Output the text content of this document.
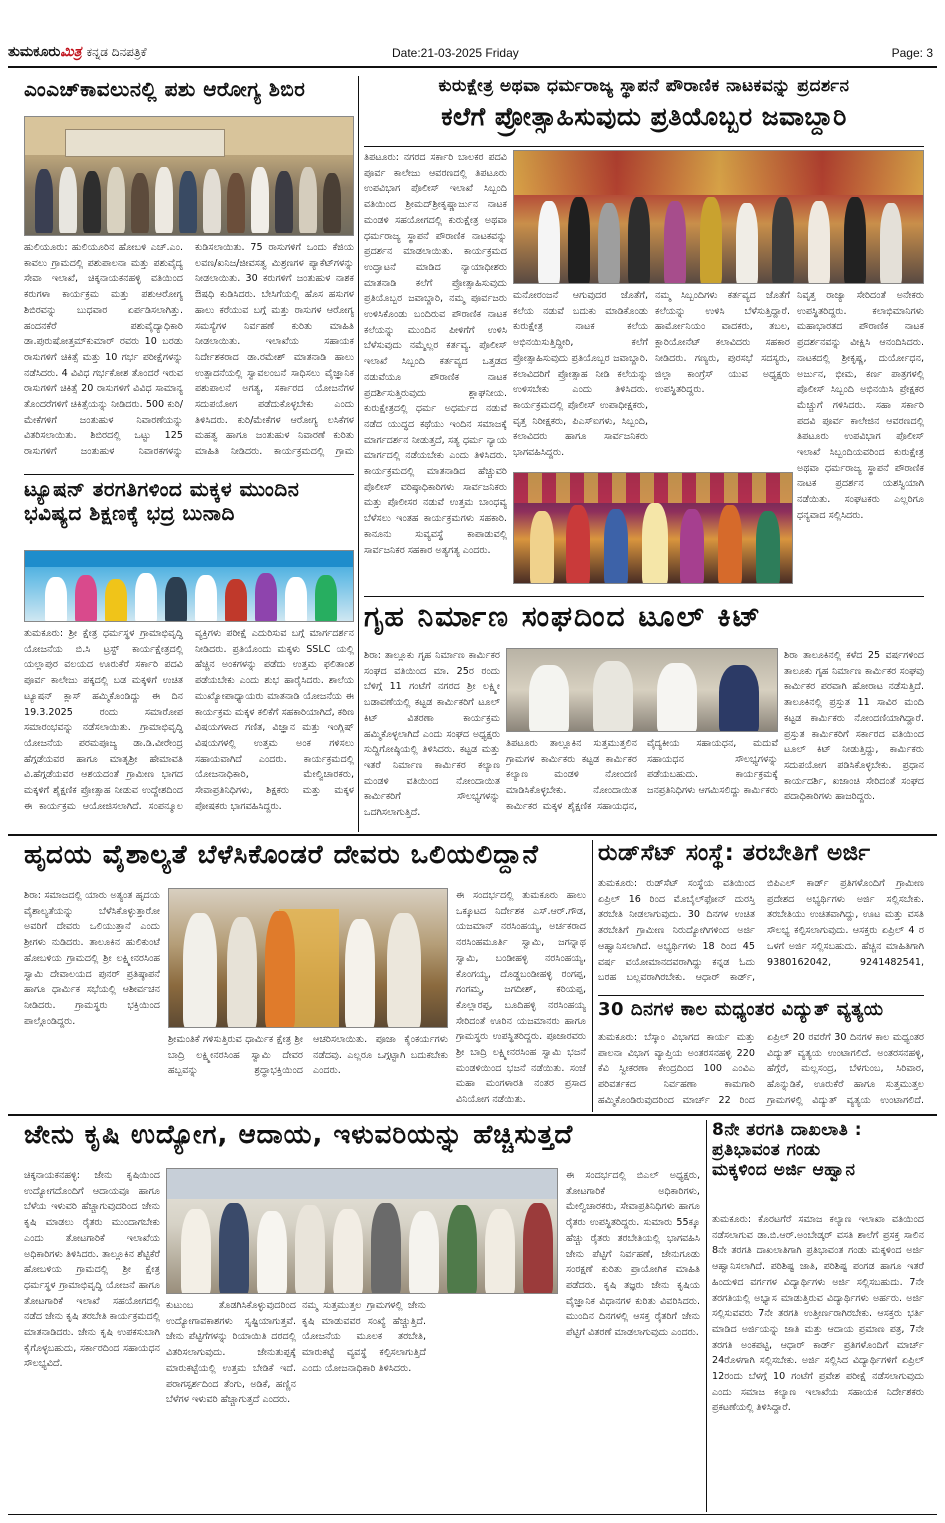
ತುಮಕೂರುಮಿತ್ರ ಕನ್ನಡ ದಿನಪತ್ರಿಕೆ	Date:21-03-2025 Friday	Page: 3
ಎಂಎಚ್‌ಕಾವಲುನಲ್ಲಿ ಪಶು ಆರೋಗ್ಯ ಶಿಬಿರ
ಹುಲಿಯೂರು: ಹುಲಿಯೂರಿನ ಹೋಬಳಿ ಎಚ್.ಎಂ. ಕಾವಲು ಗ್ರಾಮದಲ್ಲಿ ಪಶುಪಾಲನಾ ಮತ್ತು ಪಶುವೈದ್ಯ ಸೇವಾ ಇಲಾಖೆ, ಚಿಕ್ಕನಾಯಕನಹಳ್ಳಿ ವತಿಯಿಂದ ಕರುಗಳಾ ಕಾರ್ಯಕ್ರಮ ಮತ್ತು ಪಶುಆರೋಗ್ಯ ಶಿಬಿರವನ್ನು ಬುಧವಾರ ಏರ್ಪಡಿಸಲಾಗಿತ್ತು. ಹಂದನಕೆರೆ ಪಶುವೈದ್ಯಾಧಿಕಾರಿ ಡಾ.ಪುರುಷೋತ್ತಮ್‌ಕುಮಾರ್ ರವರು 10 ಬರಡು ರಾಸುಗಳಿಗೆ ಚಿಕಿತ್ಸೆ ಮತ್ತು 10 ಗರ್ಭ ಪರೀಕ್ಷೆಗಳನ್ನು ನಡೆಸಿದರು. 4 ವಿವಿಧ ಗರ್ಭಕೋಶ ತೊಂದರೆ ಇರುವ ರಾಸುಗಳಿಗೆ ಚಿಕಿತ್ಸೆ 20 ರಾಸುಗಳಿಗೆ ವಿವಿಧ ಸಾಮಾನ್ಯ ತೊಂದರೆಗಳಿಗೆ ಚಿಕಿತ್ಸೆಯನ್ನು ನೀಡಿದರು. 500 ಕುರಿ/ಮೇಕೆಗಳಿಗೆ ಜಂತುಹುಳ ನಿವಾರಣೆಯನ್ನು ವಿತರಿಸಲಾಯಿತು. ಶಿಬಿರದಲ್ಲಿ ಒಟ್ಟು 125 ರಾಸುಗಳಿಗೆ ಜಂತುಹುಳ ನಿವಾರಕಗಳನ್ನು ಕುಡಿಸಲಾಯಿತು. 75 ರಾಸುಗಳಿಗೆ ಒಂದು ಕೆಜಿಯ ಲವಣ/ಖನಿಜ/ಜೀವಸತ್ವ ಮಿಶ್ರಣಗಳ ಪ್ಯಾಕೆಟ್‌ಗಳನ್ನು ನೀಡಲಾಯಿತು. 30 ಕರುಗಳಿಗೆ ಜಂತುಹುಳ ನಾಶಕ ಔಷಧಿ ಕುಡಿಸಿದರು. ಬೇಸಿಗೆಯಲ್ಲಿ ಹೊಸ ಹಸುಗಳ ಹಾಲು ಕರೆಯುವ ಬಗ್ಗೆ ಮತ್ತು ರಾಸುಗಳ ಆರೋಗ್ಯ ಸಮಸ್ಯೆಗಳ ನಿರ್ವಹಣೆ ಕುರಿತು ಮಾಹಿತಿ ನೀಡಲಾಯಿತು. ಇಲಾಖೆಯ ಸಹಾಯಕ ನಿರ್ದೇಶಕರಾದ ಡಾ.ರಮೇಶ್ ಮಾತನಾಡಿ ಹಾಲು ಉತ್ಪಾದನೆಯಲ್ಲಿ ಸ್ವಾವಲಂಬನೆ ಸಾಧಿಸಲು ವೈಜ್ಞಾನಿಕ ಪಶುಪಾಲನೆ ಅಗತ್ಯ, ಸರ್ಕಾರದ ಯೋಜನೆಗಳ ಸದುಪಯೋಗ ಪಡೆದುಕೊಳ್ಳಬೇಕು ಎಂದು ತಿಳಿಸಿದರು. ಕುರಿ/ಮೇಕೆಗಳ ಆರೋಗ್ಯ ಲಸಿಕೆಗಳ ಮಹತ್ವ ಹಾಗೂ ಜಂತುಹುಳ ನಿವಾರಣೆ ಕುರಿತು ಮಾಹಿತಿ ನೀಡಿದರು. ಕಾರ್ಯಕ್ರಮದಲ್ಲಿ ಗ್ರಾಮ
ಟ್ಯೂಷನ್ ತರಗತಿಗಳಿಂದ ಮಕ್ಕಳ ಮುಂದಿನ ಭವಿಷ್ಯದ ಶಿಕ್ಷಣಕ್ಕೆ ಭದ್ರ ಬುನಾದಿ
ತುಮಕೂರು: ಶ್ರೀ ಕ್ಷೇತ್ರ ಧರ್ಮಸ್ಥಳ ಗ್ರಾಮಾಭಿವೃದ್ಧಿ ಯೋಜನೆಯ ಬಿ.ಸಿ ಟ್ರಸ್ಟ್ ಕಾರ್ಯಕ್ಷೇತ್ರದಲ್ಲಿ ಯಲ್ಲಾಪುರ ವಲಯದ ಊರುಕೆರೆ ಸರ್ಕಾರಿ ಪದವಿ ಪೂರ್ವ ಕಾಲೇಜು ಪಕ್ಕದಲ್ಲಿ ಬಡ ಮಕ್ಕಳಿಗೆ ಉಚಿತ ಟ್ಯೂಷನ್ ಕ್ಲಾಸ್ ಹಮ್ಮಿಕೊಂಡಿದ್ದು ಈ ದಿನ 19.3.2025 ರಂದು ಸಮಾರೋಪ ಸಮಾರಂಭವನ್ನು ನಡೆಸಲಾಯಿತು. ಗ್ರಾಮಾಭಿವೃದ್ಧಿ ಯೋಜನೆಯ ಪರಮಪೂಜ್ಯ ಡಾ.ಡಿ.ವೀರೇಂದ್ರ ಹೆಗ್ಗಡೆಯವರ ಹಾಗೂ ಮಾತೃಶ್ರೀ ಹೇಮಾವತಿ ವಿ.ಹೆಗ್ಗಡೆಯವರ ಆಶಯದಂತೆ ಗ್ರಾಮೀಣ ಭಾಗದ ಮಕ್ಕಳಿಗೆ ಶೈಕ್ಷಣಿಕ ಪ್ರೋತ್ಸಾಹ ನೀಡುವ ಉದ್ದೇಶದಿಂದ ಈ ಕಾರ್ಯಕ್ರಮ ಆಯೋಜಿಸಲಾಗಿದೆ. ಸಂಪನ್ಮೂಲ ವ್ಯಕ್ತಿಗಳು ಪರೀಕ್ಷೆ ಎದುರಿಸುವ ಬಗ್ಗೆ ಮಾರ್ಗದರ್ಶನ ನೀಡಿದರು. ಪ್ರತಿಯೊಂದು ಮಕ್ಕಳು SSLC ಯಲ್ಲಿ ಹೆಚ್ಚಿನ ಅಂಕಗಳನ್ನು ಪಡೆದು ಉತ್ತಮ ಫಲಿತಾಂಶ ಪಡೆಯಬೇಕು ಎಂದು ಶುಭ ಹಾರೈಸಿದರು. ಶಾಲೆಯ ಮುಖ್ಯೋಪಾಧ್ಯಾಯರು ಮಾತನಾಡಿ ಯೋಜನೆಯ ಈ ಕಾರ್ಯಕ್ರಮ ಮಕ್ಕಳ ಕಲಿಕೆಗೆ ಸಹಕಾರಿಯಾಗಿದೆ, ಕಠಿಣ ವಿಷಯಗಳಾದ ಗಣಿತ, ವಿಜ್ಞಾನ ಮತ್ತು ಇಂಗ್ಲಿಷ್ ವಿಷಯಗಳಲ್ಲಿ ಉತ್ತಮ ಅಂಕ ಗಳಿಸಲು ಸಹಾಯವಾಗಿದೆ ಎಂದರು. ಕಾರ್ಯಕ್ರಮದಲ್ಲಿ ಯೋಜನಾಧಿಕಾರಿ, ಮೇಲ್ವಿಚಾರಕರು, ಸೇವಾಪ್ರತಿನಿಧಿಗಳು, ಶಿಕ್ಷಕರು ಮತ್ತು ಮಕ್ಕಳ ಪೋಷಕರು ಭಾಗವಹಿಸಿದ್ದರು.
ಕುರುಕ್ಷೇತ್ರ ಅಥವಾ ಧರ್ಮರಾಜ್ಯ ಸ್ಥಾಪನೆ ಪೌರಾಣಿಕ ನಾಟಕವನ್ನು ಪ್ರದರ್ಶನ
ಕಲೆಗೆ ಪ್ರೋತ್ಸಾಹಿಸುವುದು ಪ್ರತಿಯೊಬ್ಬರ ಜವಾಬ್ದಾರಿ
ತಿಪಟೂರು: ನಗರದ ಸರ್ಕಾರಿ ಬಾಲಕರ ಪದವಿ ಪೂರ್ವ ಕಾಲೇಜು ಆವರಣದಲ್ಲಿ ತಿಪಟೂರು ಉಪವಿಭಾಗ ಪೊಲೀಸ್ ಇಲಾಖೆ ಸಿಬ್ಬಂದಿ ವತಿಯಿಂದ ಶ್ರೀಮದ್‌ಶ್ರೀಕೃಷ್ಣಾರ್ಜುನ ನಾಟಕ ಮಂಡಳಿ ಸಹಯೋಗದಲ್ಲಿ ಕುರುಕ್ಷೇತ್ರ ಅಥವಾ ಧರ್ಮರಾಜ್ಯ ಸ್ಥಾಪನೆ ಪೌರಾಣಿಕ ನಾಟಕವನ್ನು ಪ್ರದರ್ಶನ ಮಾಡಲಾಯಿತು. ಕಾರ್ಯಕ್ರಮದ ಉದ್ಘಾಟನೆ ಮಾಡಿದ ನ್ಯಾಯಾಧೀಶರು ಮಾತನಾಡಿ ಕಲೆಗೆ ಪ್ರೋತ್ಸಾಹಿಸುವುದು ಪ್ರತಿಯೊಬ್ಬರ ಜವಾಬ್ದಾರಿ, ನಮ್ಮ ಪೂರ್ವಜರು ಉಳಿಸಿಕೊಂಡು ಬಂದಿರುವ ಪೌರಾಣಿಕ ನಾಟಕ ಕಲೆಯನ್ನು ಮುಂದಿನ ಪೀಳಿಗೆಗೆ ಉಳಿಸಿ ಬೆಳೆಸುವುದು ನಮ್ಮೆಲ್ಲರ ಕರ್ತವ್ಯ. ಪೊಲೀಸ್ ಇಲಾಖೆ ಸಿಬ್ಬಂದಿ ಕರ್ತವ್ಯದ ಒತ್ತಡದ ನಡುವೆಯೂ ಪೌರಾಣಿಕ ನಾಟಕ ಪ್ರದರ್ಶಿಸುತ್ತಿರುವುದು ಶ್ಲಾಘನೀಯ. ಕುರುಕ್ಷೇತ್ರದಲ್ಲಿ ಧರ್ಮ ಅಧರ್ಮದ ನಡುವೆ ನಡೆದ ಯುದ್ಧದ ಕಥೆಯು ಇಂದಿನ ಸಮಾಜಕ್ಕೆ ಮಾರ್ಗದರ್ಶನ ನೀಡುತ್ತದೆ, ಸತ್ಯ ಧರ್ಮ ನ್ಯಾಯ ಮಾರ್ಗದಲ್ಲಿ ನಡೆಯಬೇಕು ಎಂದು ತಿಳಿಸಿದರು. ಕಾರ್ಯಕ್ರಮದಲ್ಲಿ ಮಾತನಾಡಿದ ಹೆಚ್ಚುವರಿ ಪೊಲೀಸ್ ವರಿಷ್ಠಾಧಿಕಾರಿಗಳು ಸಾರ್ವಜನಿಕರು ಮತ್ತು ಪೊಲೀಸರ ನಡುವೆ ಉತ್ತಮ ಬಾಂಧವ್ಯ ಬೆಳೆಸಲು ಇಂತಹ ಕಾರ್ಯಕ್ರಮಗಳು ಸಹಕಾರಿ. ಕಾನೂನು ಸುವ್ಯವಸ್ಥೆ ಕಾಪಾಡುವಲ್ಲಿ ಸಾರ್ವಜನಿಕರ ಸಹಕಾರ ಅತ್ಯಗತ್ಯ ಎಂದರು.
ಮನೋರಂಜನೆ ಆಗುವುದರ ಜೊತೆಗೆ, ಕಲೆಯ ನಡುವೆ ಬದುಕು ಮಾಡಿಕೊಂಡು ಕುರುಕ್ಷೇತ್ರ ನಾಟಕ ಕಲೆಯ ಅಭಿನಯಿಸುತ್ತಿದ್ದೀರಿ, ಕಲೆಗೆ ಪ್ರೋತ್ಸಾಹಿಸುವುದು ಪ್ರತಿಯೊಬ್ಬರ ಜವಾಬ್ದಾರಿ. ಕಲಾವಿದರಿಗೆ ಪ್ರೋತ್ಸಾಹ ನೀಡಿ ಕಲೆಯನ್ನು ಉಳಿಸಬೇಕು ಎಂದು ತಿಳಿಸಿದರು. ಕಾರ್ಯಕ್ರಮದಲ್ಲಿ ಪೊಲೀಸ್ ಉಪಾಧೀಕ್ಷಕರು, ವೃತ್ತ ನಿರೀಕ್ಷಕರು, ಪಿಎಸ್‌ಐಗಳು, ಸಿಬ್ಬಂದಿ, ಕಲಾವಿದರು ಹಾಗೂ ಸಾರ್ವಜನಿಕರು ಭಾಗವಹಿಸಿದ್ದರು.
ನಮ್ಮ ಸಿಬ್ಬಂದಿಗಳು ಕರ್ತವ್ಯದ ಜೊತೆಗೆ ಕಲೆಯನ್ನು ಉಳಿಸಿ ಬೆಳೆಸುತ್ತಿದ್ದಾರೆ. ಹಾರ್ಮೋನಿಯಂ ವಾದಕರು, ತಬಲ, ಕ್ಲಾರಿಯೋನೆಟ್ ಕಲಾವಿದರು ಸಹಕಾರ ನೀಡಿದರು. ಗಣ್ಯರು, ಪುರಸಭೆ ಸದಸ್ಯರು, ಜಿಲ್ಲಾ ಕಾಂಗ್ರೆಸ್ ಯುವ ಅಧ್ಯಕ್ಷರು ಉಪಸ್ಥಿತರಿದ್ದರು.
ನಿವೃತ್ತ ರಾಜ್ಯಾ ಸೇರಿದಂತೆ ಅನೇಕರು ಉಪಸ್ಥಿತರಿದ್ದರು. ಕಲಾಭಿಮಾನಿಗಳು ಮಹಾಭಾರತದ ಪೌರಾಣಿಕ ನಾಟಕ ಪ್ರದರ್ಶನವನ್ನು ವೀಕ್ಷಿಸಿ ಆನಂದಿಸಿದರು. ನಾಟಕದಲ್ಲಿ ಶ್ರೀಕೃಷ್ಣ, ದುರ್ಯೋಧನ, ಅರ್ಜುನ, ಭೀಮ, ಕರ್ಣ ಪಾತ್ರಗಳಲ್ಲಿ ಪೊಲೀಸ್ ಸಿಬ್ಬಂದಿ ಅಭಿನಯಿಸಿ ಪ್ರೇಕ್ಷಕರ ಮೆಚ್ಚುಗೆ ಗಳಿಸಿದರು. ಸಹಾ ಸರ್ಕಾರಿ ಪದವಿ ಪೂರ್ವ ಕಾಲೇಜಿನ ಆವರಣದಲ್ಲಿ ತಿಪಟೂರು ಉಪವಿಭಾಗ ಪೊಲೀಸ್ ಇಲಾಖೆ ಸಿಬ್ಬಂದಿಯವರಿಂದ ಕುರುಕ್ಷೇತ್ರ ಅಥವಾ ಧರ್ಮರಾಜ್ಯ ಸ್ಥಾಪನೆ ಪೌರಾಣಿಕ ನಾಟಕ ಪ್ರದರ್ಶನ ಯಶಸ್ವಿಯಾಗಿ ನಡೆಯಿತು. ಸಂಘಟಕರು ಎಲ್ಲರಿಗೂ ಧನ್ಯವಾದ ಸಲ್ಲಿಸಿದರು.
ಗೃಹ ನಿರ್ಮಾಣ ಸಂಘದಿಂದ ಟೂಲ್ ಕಿಟ್
ಶಿರಾ: ತಾಲ್ಲೂಕು ಗೃಹ ನಿರ್ಮಾಣ ಕಾರ್ಮಿಕರ ಸಂಘದ ವತಿಯಿಂದ ಮಾ. 25ರ ರಂದು ಬೆಳಿಗ್ಗೆ 11 ಗಂಟೆಗೆ ನಗರದ ಶ್ರೀ ಲಕ್ಷ್ಮೀ ಬಡಾವಣೆಯಲ್ಲಿ ಕಟ್ಟಡ ಕಾರ್ಮಿಕರಿಗೆ ಟೂಲ್ ಕಿಟ್ ವಿತರಣಾ ಕಾರ್ಯಕ್ರಮ ಹಮ್ಮಿಕೊಳ್ಳಲಾಗಿದೆ ಎಂದು ಸಂಘದ ಅಧ್ಯಕ್ಷರು ಸುದ್ದಿಗೋಷ್ಠಿಯಲ್ಲಿ ತಿಳಿಸಿದರು. ಕಟ್ಟಡ ಮತ್ತು ಇತರೆ ನಿರ್ಮಾಣ ಕಾರ್ಮಿಕರ ಕಲ್ಯಾಣ ಮಂಡಳಿ ವತಿಯಿಂದ ನೋಂದಾಯಿತ ಕಾರ್ಮಿಕರಿಗೆ ಸೌಲಭ್ಯಗಳನ್ನು ಒದಗಿಸಲಾಗುತ್ತಿದೆ.
ತಿಪಟೂರು ತಾಲ್ಲೂಕಿನ ಸುತ್ತಮುತ್ತಲಿನ ಗ್ರಾಮಗಳ ಕಾರ್ಮಿಕರು ಕಟ್ಟಡ ಕಾರ್ಮಿಕರ ಕಲ್ಯಾಣ ಮಂಡಳಿ ನೋಂದಣಿ ಮಾಡಿಸಿಕೊಳ್ಳಬೇಕು. ನೋಂದಾಯಿತ ಕಾರ್ಮಿಕರ ಮಕ್ಕಳ ಶೈಕ್ಷಣಿಕ ಸಹಾಯಧನ, ವೈದ್ಯಕೀಯ ಸಹಾಯಧನ, ಮದುವೆ ಸಹಾಯಧನ ಸೌಲಭ್ಯಗಳನ್ನು ಪಡೆಯಬಹುದು. ಕಾರ್ಯಕ್ರಮಕ್ಕೆ ಜನಪ್ರತಿನಿಧಿಗಳು ಆಗಮಿಸಲಿದ್ದು ಕಾರ್ಮಿಕರು
ಶಿರಾ ತಾಲೂಕಿನಲ್ಲಿ ಕಳೆದ 25 ವರ್ಷಗಳಿಂದ ತಾಲೂಕು ಗೃಹ ನಿರ್ಮಾಣ ಕಾರ್ಮಿಕರ ಸಂಘವು ಕಾರ್ಮಿಕರ ಪರವಾಗಿ ಹೋರಾಟ ನಡೆಸುತ್ತಿದೆ. ತಾಲೂಕಿನಲ್ಲಿ ಪ್ರಸ್ತುತ 11 ಸಾವಿರ ಮಂದಿ ಕಟ್ಟಡ ಕಾರ್ಮಿಕರು ನೋಂದಣಿಯಾಗಿದ್ದಾರೆ. ಪ್ರಸ್ತುತ ಕಾರ್ಮಿಕರಿಗೆ ಸರ್ಕಾರದ ವತಿಯಿಂದ ಟೂಲ್ ಕಿಟ್ ನೀಡುತ್ತಿದ್ದು, ಕಾರ್ಮಿಕರು ಸದುಪಯೋಗ ಪಡಿಸಿಕೊಳ್ಳಬೇಕು. ಪ್ರಧಾನ ಕಾರ್ಯದರ್ಶಿ, ಖಜಾಂಚಿ ಸೇರಿದಂತೆ ಸಂಘದ ಪದಾಧಿಕಾರಿಗಳು ಹಾಜರಿದ್ದರು.
ಹೃದಯ ವೈಶಾಲ್ಯತೆ ಬೆಳೆಸಿಕೊಂಡರೆ ದೇವರು ಒಲಿಯಲಿದ್ದಾನೆ
ಶಿರಾ: ಸಮಾಜದಲ್ಲಿ ಯಾರು ಅತ್ಯಂತ ಹೃದಯ ವೈಶಾಲ್ಯತೆಯನ್ನು ಬೆಳೆಸಿಕೊಳ್ಳುತ್ತಾರೋ ಅವರಿಗೆ ದೇವರು ಒಲಿಯುತ್ತಾನೆ ಎಂದು ಶ್ರೀಗಳು ನುಡಿದರು. ತಾಲೂಕಿನ ಹುಲಿಕುಂಟೆ ಹೋಬಳಿಯ ಗ್ರಾಮದಲ್ಲಿ ಶ್ರೀ ಲಕ್ಷ್ಮೀನರಸಿಂಹ ಸ್ವಾಮಿ ದೇವಾಲಯದ ಪುನರ್ ಪ್ರತಿಷ್ಠಾಪನೆ ಹಾಗೂ ಧಾರ್ಮಿಕ ಸಭೆಯಲ್ಲಿ ಆಶೀರ್ವಚನ ನೀಡಿದರು. ಗ್ರಾಮಸ್ಥರು ಭಕ್ತಿಯಿಂದ ಪಾಲ್ಗೊಂಡಿದ್ದರು.
ಶ್ರೀಮಂತಿಕೆ ಗಳಿಸುತ್ತಿರುವ ಧಾರ್ಮಿಕ ಕ್ಷೇತ್ರ ಶ್ರೀ ಬಾದ್ರಿ ಲಕ್ಷ್ಮೀನರಸಿಂಹ ಸ್ವಾಮಿ ದೇವರ ಹಬ್ಬವನ್ನು ಶ್ರದ್ಧಾಭಕ್ತಿಯಿಂದ ಆಚರಿಸಲಾಯಿತು. ಪೂಜಾ ಕೈಂಕರ್ಯಗಳು ನಡೆದವು. ಎಲ್ಲರೂ ಒಗ್ಗಟ್ಟಾಗಿ ಬದುಕಬೇಕು ಎಂದರು.
ಈ ಸಂದರ್ಭದಲ್ಲಿ ತುಮಕೂರು ಹಾಲು ಒಕ್ಕೂಟದ ನಿರ್ದೇಶಕ ಎಸ್.ಆರ್.ಗೌಡ, ಯಜಮಾನ್ ನರಸಿಂಹಯ್ಯ, ಅರ್ಚಕರಾದ ನರಸಿಂಹಮೂರ್ತಿ ಸ್ವಾಮಿ, ಜಗನ್ನಾಥ ಸ್ವಾಮಿ, ಬಂಡೀಹಳ್ಳಿ ನರಸಿಂಹಯ್ಯ, ಕೊಂಗಯ್ಯ, ದೊಡ್ಡಬಂಡೀಹಳ್ಳಿ ರಂಗಪ್ಪ, ಗಂಗಮ್ಮ, ಜಗದೀಶ್, ಕರಿಯಪ್ಪ, ಕೊಲ್ಲಾರಪ್ಪ, ಬೂದಿಹಳ್ಳಿ ನರಸಿಂಹಯ್ಯ ಸೇರಿದಂತೆ ಊರಿನ ಯಜಮಾನರು ಹಾಗೂ ಗ್ರಾಮಸ್ಥರು ಉಪಸ್ಥಿತರಿದ್ದರು. ಪೂಜಾರವರು ಶ್ರೀ ಬಾದ್ರಿ ಲಕ್ಷ್ಮೀನರಸಿಂಹ ಸ್ವಾಮಿ ಭಜನೆ ಮಂಡಳಿಯಿಂದ ಭಜನೆ ನಡೆಯಿತು. ಸಂಜೆ ಮಹಾ ಮಂಗಳಾರತಿ ನಂತರ ಪ್ರಸಾದ ವಿನಿಯೋಗ ನಡೆಯಿತು.
ರುಡ್‌ಸೆಟ್ ಸಂಸ್ಥೆ: ತರಬೇತಿಗೆ ಅರ್ಜಿ
ತುಮಕೂರು: ರುಡ್‌ಸೆಟ್ ಸಂಸ್ಥೆಯ ವತಿಯಿಂದ ಏಪ್ರಿಲ್ 16 ರಿಂದ ಮೊಬೈಲ್‌ಫೋನ್ ದುರಸ್ತಿ ತರಬೇತಿ ನೀಡಲಾಗುವುದು. 30 ದಿನಗಳ ಉಚಿತ ತರಬೇತಿಗೆ ಗ್ರಾಮೀಣ ನಿರುದ್ಯೋಗಿಗಳಿಂದ ಅರ್ಜಿ ಆಹ್ವಾನಿಸಲಾಗಿದೆ. ಅಭ್ಯರ್ಥಿಗಳು 18 ರಿಂದ 45 ವರ್ಷ ವಯೋಮಾನದವರಾಗಿದ್ದು ಕನ್ನಡ ಓದು ಬರಹ ಬಲ್ಲವರಾಗಿರಬೇಕು. ಆಧಾರ್ ಕಾರ್ಡ್, ಬಿಪಿಎಲ್ ಕಾರ್ಡ್ ಪ್ರತಿಗಳೊಂದಿಗೆ ಗ್ರಾಮೀಣ ಪ್ರದೇಶದ ಅಭ್ಯರ್ಥಿಗಳು ಅರ್ಜಿ ಸಲ್ಲಿಸಬೇಕು. ತರಬೇತಿಯು ಉಚಿತವಾಗಿದ್ದು, ಊಟ ಮತ್ತು ವಸತಿ ಸೌಲಭ್ಯ ಕಲ್ಪಿಸಲಾಗುವುದು. ಆಸಕ್ತರು ಏಪ್ರಿಲ್ 4 ರ ಒಳಗೆ ಅರ್ಜಿ ಸಲ್ಲಿಸಬಹುದು. ಹೆಚ್ಚಿನ ಮಾಹಿತಿಗಾಗಿ 9380162042, 9241482541,
30 ದಿನಗಳ ಕಾಲ ಮಧ್ಯಂತರ ವಿದ್ಯುತ್ ವ್ಯತ್ಯಯ
ತುಮಕೂರು: ಬೆಸ್ಕಾಂ ವಿಭಾಗದ ಕಾರ್ಯ ಮತ್ತು ಪಾಲನಾ ವಿಭಾಗ ವ್ಯಾಪ್ತಿಯ ಅಂತರಸನಹಳ್ಳಿ 220 ಕೆವಿ ಸ್ವೀಕರಣಾ ಕೇಂದ್ರದಿಂದ 100 ಎಂವಿಎ ಪರಿವರ್ತಕದ ನಿರ್ವಹಣಾ ಕಾಮಗಾರಿ ಹಮ್ಮಿಕೊಂಡಿರುವುದರಿಂದ ಮಾರ್ಚ್ 22 ರಿಂದ ಏಪ್ರಿಲ್ 20 ರವರೆಗೆ 30 ದಿನಗಳ ಕಾಲ ಮಧ್ಯಂತರ ವಿದ್ಯುತ್ ವ್ಯತ್ಯಯ ಉಂಟಾಗಲಿದೆ. ಅಂತರಸನಹಳ್ಳಿ, ಹೆಗ್ಗೆರೆ, ಮಲ್ಲಸಂದ್ರ, ಬೆಳಗುಂಬ, ಸಿರಿವಾರ, ಹೊನ್ನುಡಿಕೆ, ಊರುಕೆರೆ ಹಾಗೂ ಸುತ್ತಮುತ್ತಲ ಗ್ರಾಮಗಳಲ್ಲಿ ವಿದ್ಯುತ್ ವ್ಯತ್ಯಯ ಉಂಟಾಗಲಿದೆ.
ಜೇನು ಕೃಷಿ ಉದ್ಯೋಗ, ಆದಾಯ, ಇಳುವರಿಯನ್ನು ಹೆಚ್ಚಿಸುತ್ತದೆ
ಚಿಕ್ಕನಾಯಕನಹಳ್ಳಿ: ಜೇನು ಕೃಷಿಯಿಂದ ಉದ್ಯೋಗದೊಂದಿಗೆ ಆದಾಯವೂ ಹಾಗೂ ಬೆಳೆಯ ಇಳುವರಿ ಹೆಚ್ಚಾಗುವುದರಿಂದ ಜೇನು ಕೃಷಿ ಮಾಡಲು ರೈತರು ಮುಂದಾಗಬೇಕು ಎಂದು ತೋಟಗಾರಿಕೆ ಇಲಾಖೆಯ ಅಧಿಕಾರಿಗಳು ತಿಳಿಸಿದರು. ತಾಲ್ಲೂಕಿನ ಶೆಟ್ಟಿಕೆರೆ ಹೋಬಳಿಯ ಗ್ರಾಮದಲ್ಲಿ ಶ್ರೀ ಕ್ಷೇತ್ರ ಧರ್ಮಸ್ಥಳ ಗ್ರಾಮಾಭಿವೃದ್ಧಿ ಯೋಜನೆ ಹಾಗೂ ತೋಟಗಾರಿಕೆ ಇಲಾಖೆ ಸಹಯೋಗದಲ್ಲಿ ನಡೆದ ಜೇನು ಕೃಷಿ ತರಬೇತಿ ಕಾರ್ಯಕ್ರಮದಲ್ಲಿ ಮಾತನಾಡಿದರು. ಜೇನು ಕೃಷಿ ಉಪಕಸುಬಾಗಿ ಕೈಗೊಳ್ಳಬಹುದು, ಸರ್ಕಾರದಿಂದ ಸಹಾಯಧನ ಸೌಲಭ್ಯವಿದೆ.
ಕುಟುಂಬ ತೊಡಗಿಸಿಕೊಳ್ಳುವುದರಿಂದ ಉದ್ಯೋಗಾವಕಾಶಗಳು ಸೃಷ್ಟಿಯಾಗುತ್ತವೆ. ಜೇನು ಪೆಟ್ಟಿಗೆಗಳನ್ನು ರಿಯಾಯಿತಿ ದರದಲ್ಲಿ ವಿತರಿಸಲಾಗುವುದು. ಜೇನುತುಪ್ಪಕ್ಕೆ ಮಾರುಕಟ್ಟೆಯಲ್ಲಿ ಉತ್ತಮ ಬೇಡಿಕೆ ಇದೆ. ಪರಾಗಸ್ಪರ್ಶದಿಂದ ತೆಂಗು, ಅಡಿಕೆ, ಹಣ್ಣಿನ ಬೆಳೆಗಳ ಇಳುವರಿ ಹೆಚ್ಚಾಗುತ್ತದೆ ಎಂದರು.
ನಮ್ಮ ಸುತ್ತಮುತ್ತಲ ಗ್ರಾಮಗಳಲ್ಲಿ ಜೇನು ಕೃಷಿ ಮಾಡುವವರ ಸಂಖ್ಯೆ ಹೆಚ್ಚುತ್ತಿದೆ. ಯೋಜನೆಯ ಮೂಲಕ ತರಬೇತಿ, ಮಾರುಕಟ್ಟೆ ವ್ಯವಸ್ಥೆ ಕಲ್ಪಿಸಲಾಗುತ್ತಿದೆ ಎಂದು ಯೋಜನಾಧಿಕಾರಿ ತಿಳಿಸಿದರು.
ಈ ಸಂದರ್ಭದಲ್ಲಿ ಬಿಎಲ್ ಅಧ್ಯಕ್ಷರು, ತೋಟಗಾರಿಕೆ ಅಧಿಕಾರಿಗಳು, ಮೇಲ್ವಿಚಾರಕರು, ಸೇವಾಪ್ರತಿನಿಧಿಗಳು ಹಾಗೂ ರೈತರು ಉಪಸ್ಥಿತರಿದ್ದರು. ಸುಮಾರು 55ಕ್ಕೂ ಹೆಚ್ಚು ರೈತರು ತರಬೇತಿಯಲ್ಲಿ ಭಾಗವಹಿಸಿ ಜೇನು ಪೆಟ್ಟಿಗೆ ನಿರ್ವಹಣೆ, ಜೇನುಗೂಡು ಸಂರಕ್ಷಣೆ ಕುರಿತು ಪ್ರಾಯೋಗಿಕ ಮಾಹಿತಿ ಪಡೆದರು. ಕೃಷಿ ತಜ್ಞರು ಜೇನು ಕೃಷಿಯ ವೈಜ್ಞಾನಿಕ ವಿಧಾನಗಳ ಕುರಿತು ವಿವರಿಸಿದರು. ಮುಂದಿನ ದಿನಗಳಲ್ಲಿ ಆಸಕ್ತ ರೈತರಿಗೆ ಜೇನು ಪೆಟ್ಟಿಗೆ ವಿತರಣೆ ಮಾಡಲಾಗುವುದು ಎಂದರು.
8ನೇ ತರಗತಿ ದಾಖಲಾತಿ :
ಪ್ರತಿಭಾವಂತ ಗಂಡು
ಮಕ್ಕಳಿಂದ ಅರ್ಜಿ ಆಹ್ವಾನ
ತುಮಕೂರು: ಕೊರಟಗೆರೆ ಸಮಾಜ ಕಲ್ಯಾಣ ಇಲಾಖಾ ವತಿಯಿಂದ ನಡೆಸಲಾಗುವ ಡಾ.ಬಿ.ಆರ್.ಅಂಬೇಡ್ಕರ್ ವಸತಿ ಶಾಲೆಗೆ ಪ್ರಸಕ್ತ ಸಾಲಿನ 8ನೇ ತರಗತಿ ದಾಖಲಾತಿಗಾಗಿ ಪ್ರತಿಭಾವಂತ ಗಂಡು ಮಕ್ಕಳಿಂದ ಅರ್ಜಿ ಆಹ್ವಾನಿಸಲಾಗಿದೆ. ಪರಿಶಿಷ್ಟ ಜಾತಿ, ಪರಿಶಿಷ್ಟ ಪಂಗಡ ಹಾಗೂ ಇತರೆ ಹಿಂದುಳಿದ ವರ್ಗಗಳ ವಿದ್ಯಾರ್ಥಿಗಳು ಅರ್ಜಿ ಸಲ್ಲಿಸಬಹುದು. 7ನೇ ತರಗತಿಯಲ್ಲಿ ಅಭ್ಯಾಸ ಮಾಡುತ್ತಿರುವ ವಿದ್ಯಾರ್ಥಿಗಳು ಅರ್ಹರು. ಅರ್ಜಿ ಸಲ್ಲಿಸುವವರು 7ನೇ ತರಗತಿ ಉತ್ತೀರ್ಣರಾಗಿರಬೇಕು. ಆಸಕ್ತರು ಭರ್ತಿ ಮಾಡಿದ ಅರ್ಜಿಯನ್ನು ಜಾತಿ ಮತ್ತು ಆದಾಯ ಪ್ರಮಾಣ ಪತ್ರ, 7ನೇ ತರಗತಿ ಅಂಕಪಟ್ಟಿ, ಆಧಾರ್ ಕಾರ್ಡ್ ಪ್ರತಿಗಳೊಂದಿಗೆ ಮಾರ್ಚ್ 24ರೊಳಗಾಗಿ ಸಲ್ಲಿಸಬೇಕು. ಅರ್ಜಿ ಸಲ್ಲಿಸಿದ ವಿದ್ಯಾರ್ಥಿಗಳಿಗೆ ಏಪ್ರಿಲ್ 12ರಂದು ಬೆಳಗ್ಗೆ 10 ಗಂಟೆಗೆ ಪ್ರವೇಶ ಪರೀಕ್ಷೆ ನಡೆಸಲಾಗುವುದು ಎಂದು ಸಮಾಜ ಕಲ್ಯಾಣ ಇಲಾಖೆಯ ಸಹಾಯಕ ನಿರ್ದೇಶಕರು ಪ್ರಕಟಣೆಯಲ್ಲಿ ತಿಳಿಸಿದ್ದಾರೆ.
